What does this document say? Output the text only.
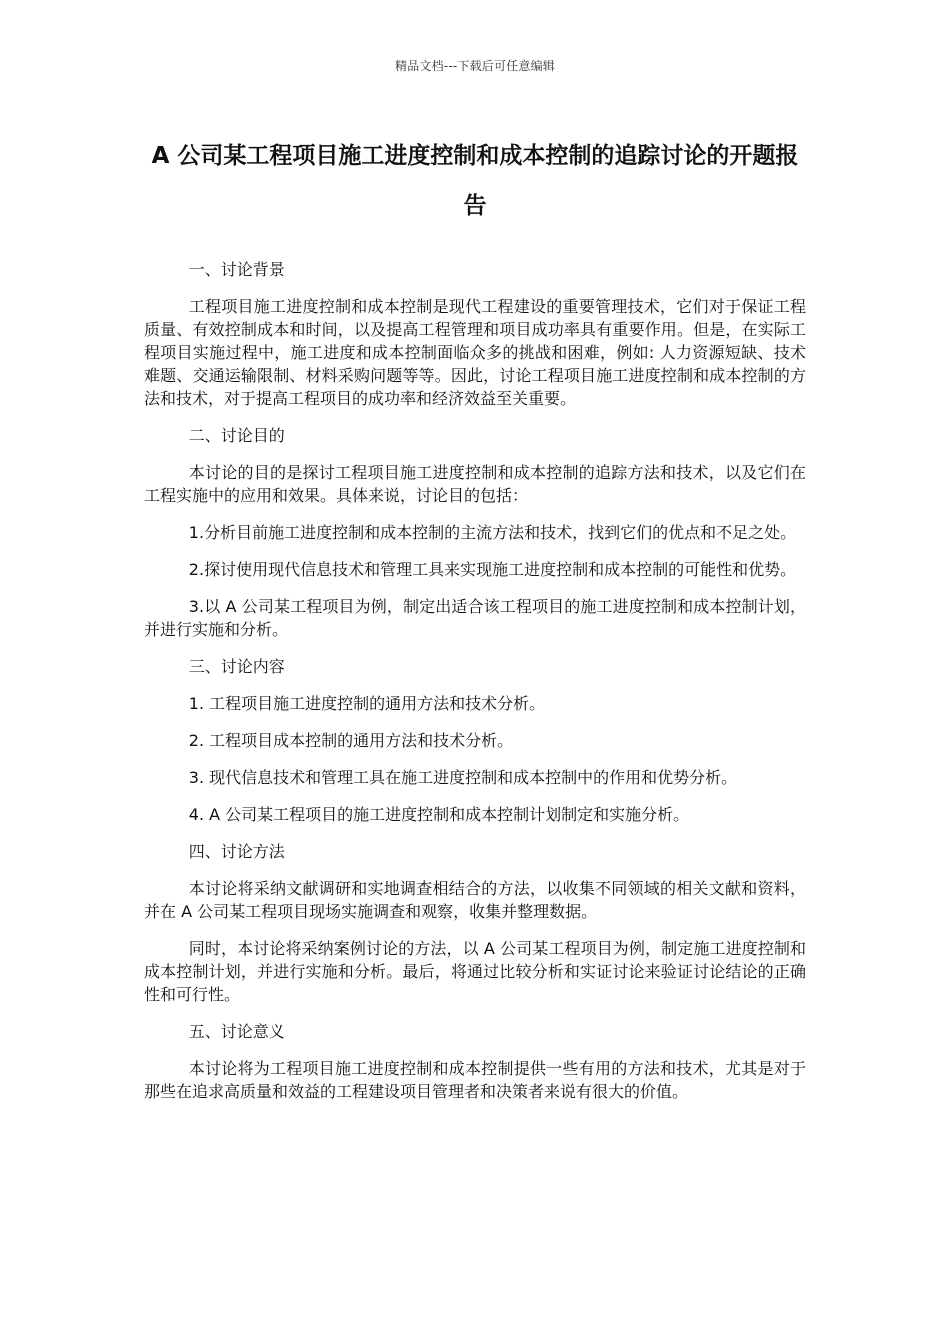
精品文档---下载后可任意编辑
A 公司某工程项目施工进度控制和成本控制的追踪讨论的开题报告

一、讨论背景

工程项目施工进度控制和成本控制是现代工程建设的重要管理技术，它们对于保证工程质量、有效控制成本和时间，以及提高工程管理和项目成功率具有重要作用。但是，在实际工程项目实施过程中，施工进度和成本控制面临众多的挑战和困难，例如: 人力资源短缺、技术难题、交通运输限制、材料采购问题等等。因此，讨论工程项目施工进度控制和成本控制的方法和技术，对于提高工程项目的成功率和经济效益至关重要。

二、讨论目的

本讨论的目的是探讨工程项目施工进度控制和成本控制的追踪方法和技术，以及它们在工程实施中的应用和效果。具体来说，讨论目的包括：

1.分析目前施工进度控制和成本控制的主流方法和技术，找到它们的优点和不足之处。

2.探讨使用现代信息技术和管理工具来实现施工进度控制和成本控制的可能性和优势。

3.以 A 公司某工程项目为例，制定出适合该工程项目的施工进度控制和成本控制计划，并进行实施和分析。

三、讨论内容

1. 工程项目施工进度控制的通用方法和技术分析。

2. 工程项目成本控制的通用方法和技术分析。

3. 现代信息技术和管理工具在施工进度控制和成本控制中的作用和优势分析。

4. A 公司某工程项目的施工进度控制和成本控制计划制定和实施分析。

四、讨论方法

本讨论将采纳文献调研和实地调查相结合的方法，以收集不同领域的相关文献和资料，并在 A 公司某工程项目现场实施调查和观察，收集并整理数据。

同时，本讨论将采纳案例讨论的方法，以 A 公司某工程项目为例，制定施工进度控制和成本控制计划，并进行实施和分析。最后，将通过比较分析和实证讨论来验证讨论结论的正确性和可行性。

五、讨论意义

本讨论将为工程项目施工进度控制和成本控制提供一些有用的方法和技术，尤其是对于那些在追求高质量和效益的工程建设项目管理者和决策者来说有很大的价值。
